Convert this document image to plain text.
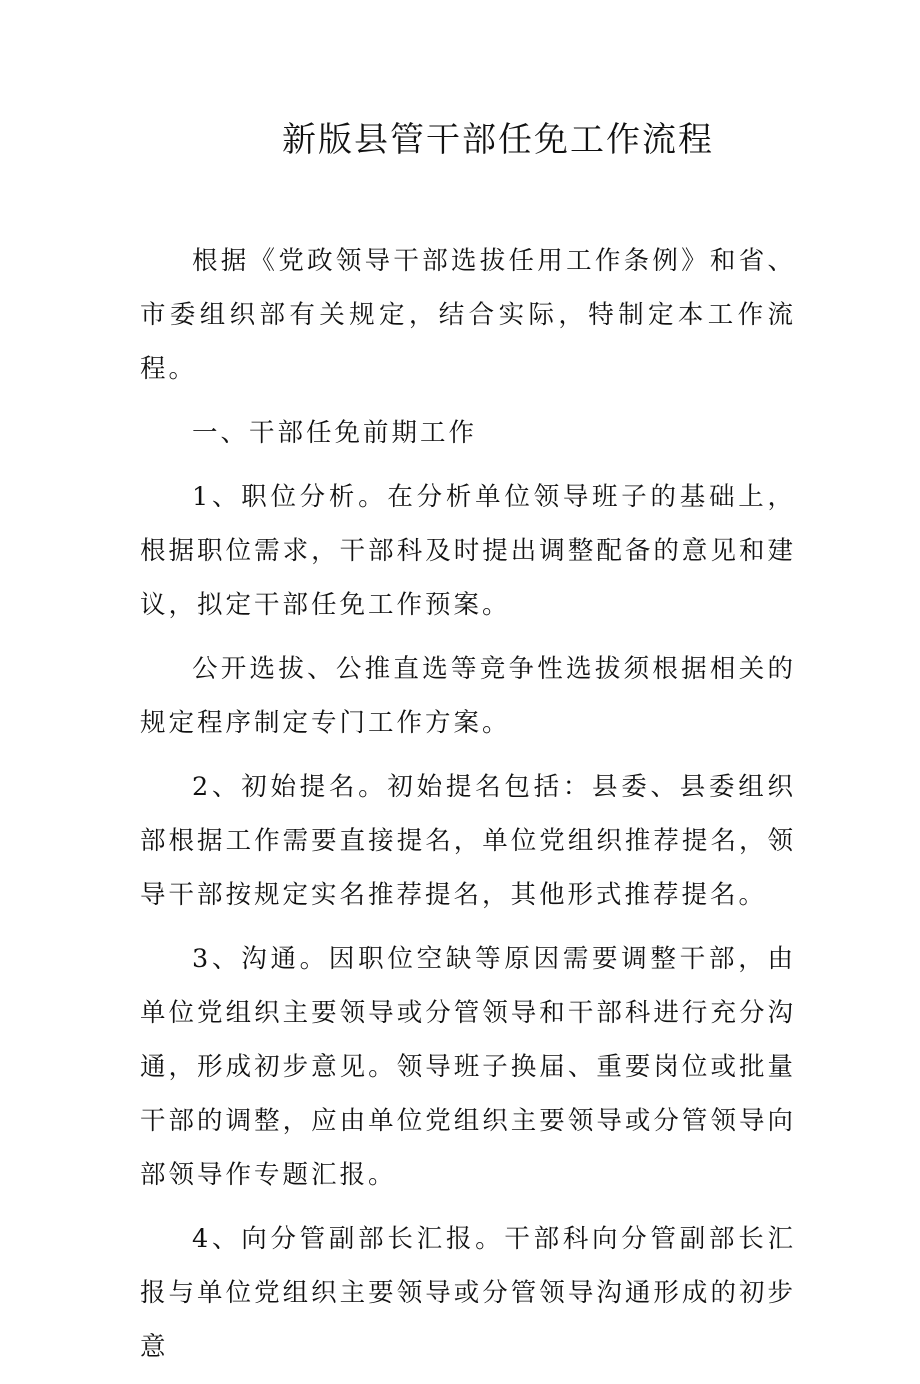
新版县管干部任免工作流程

根据《党政领导干部选拔任用工作条例》和省、市委组织部有关规定，结合实际，特制定本工作流程。

一、干部任免前期工作

1、职位分析。在分析单位领导班子的基础上，根据职位需求，干部科及时提出调整配备的意见和建议，拟定干部任免工作预案。

公开选拔、公推直选等竞争性选拔须根据相关的规定程序制定专门工作方案。

2、初始提名。初始提名包括：县委、县委组织部根据工作需要直接提名，单位党组织推荐提名，领导干部按规定实名推荐提名，其他形式推荐提名。

3、沟通。因职位空缺等原因需要调整干部，由单位党组织主要领导或分管领导和干部科进行充分沟通，形成初步意见。领导班子换届、重要岗位或批量干部的调整，应由单位党组织主要领导或分管领导向部领导作专题汇报。

4、向分管副部长汇报。干部科向分管副部长汇报与单位党组织主要领导或分管领导沟通形成的初步意
